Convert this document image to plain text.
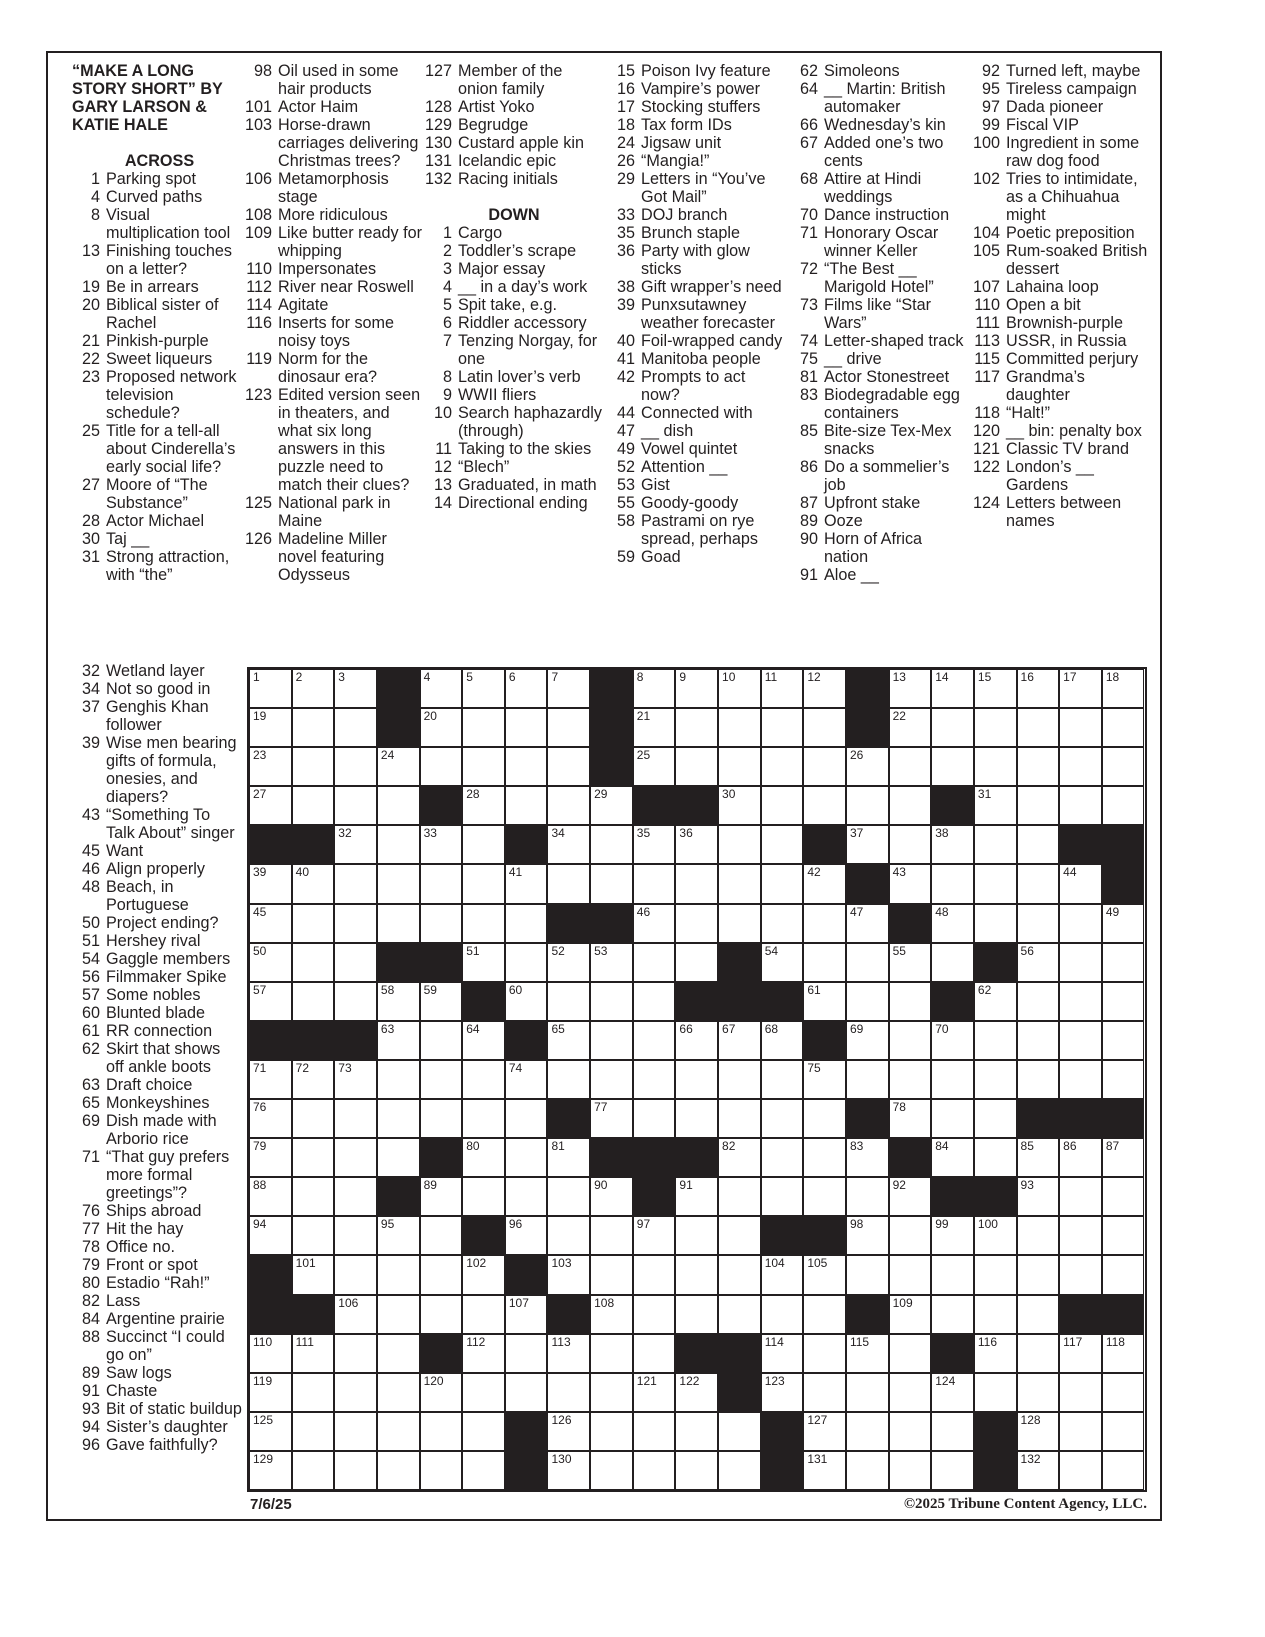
“MAKE A LONG STORY SHORT” BY GARY LARSON & KATIE HALE
ACROSS
1 Parking spot
4 Curved paths
8 Visual multiplication tool
13 Finishing touches on a letter?
19 Be in arrears
20 Biblical sister of Rachel
21 Pinkish-purple
22 Sweet liqueurs
23 Proposed network television schedule?
25 Title for a tell-all about Cinderella’s early social life?
27 Moore of “The Substance”
28 Actor Michael
30 Taj __
31 Strong attraction, with “the”
98 Oil used in some hair products
101 Actor Haim
103 Horse-drawn carriages delivering Christmas trees?
106 Metamorphosis stage
108 More ridiculous
109 Like butter ready for whipping
110 Impersonates
112 River near Roswell
114 Agitate
116 Inserts for some noisy toys
119 Norm for the dinosaur era?
123 Edited version seen in theaters, and what six long answers in this puzzle need to match their clues?
125 National park in Maine
126 Madeline Miller novel featuring Odysseus
127 Member of the onion family
128 Artist Yoko
129 Begrudge
130 Custard apple kin
131 Icelandic epic
132 Racing initials
DOWN
1 Cargo
2 Toddler’s scrape
3 Major essay
4 __ in a day’s work
5 Spit take, e.g.
6 Riddler accessory
7 Tenzing Norgay, for one
8 Latin lover’s verb
9 WWII fliers
10 Search haphazardly (through)
11 Taking to the skies
12 “Blech”
13 Graduated, in math
14 Directional ending
15 Poison Ivy feature
16 Vampire’s power
17 Stocking stuffers
18 Tax form IDs
24 Jigsaw unit
26 “Mangia!”
29 Letters in “You’ve Got Mail”
33 DOJ branch
35 Brunch staple
36 Party with glow sticks
38 Gift wrapper’s need
39 Punxsutawney weather forecaster
40 Foil-wrapped candy
41 Manitoba people
42 Prompts to act now?
44 Connected with
47 __ dish
49 Vowel quintet
52 Attention __
53 Gist
55 Goody-goody
58 Pastrami on rye spread, perhaps
59 Goad
62 Simoleons
64 __ Martin: British automaker
66 Wednesday’s kin
67 Added one’s two cents
68 Attire at Hindi weddings
70 Dance instruction
71 Honorary Oscar winner Keller
72 “The Best __ Marigold Hotel”
73 Films like “Star Wars”
74 Letter-shaped track
75 __ drive
81 Actor Stonestreet
83 Biodegradable egg containers
85 Bite-size Tex-Mex snacks
86 Do a sommelier’s job
87 Upfront stake
89 Ooze
90 Horn of Africa nation
91 Aloe __
92 Turned left, maybe
95 Tireless campaign
97 Dada pioneer
99 Fiscal VIP
100 Ingredient in some raw dog food
102 Tries to intimidate, as a Chihuahua might
104 Poetic preposition
105 Rum-soaked British dessert
107 Lahaina loop
110 Open a bit
111 Brownish-purple
113 USSR, in Russia
115 Committed perjury
117 Grandma’s daughter
118 “Halt!”
120 __ bin: penalty box
121 Classic TV brand
122 London’s __ Gardens
124 Letters between names
32 Wetland layer
34 Not so good in
37 Genghis Khan follower
39 Wise men bearing gifts of formula, onesies, and diapers?
43 “Something To Talk About” singer
45 Want
46 Align properly
48 Beach, in Portuguese
50 Project ending?
51 Hershey rival
54 Gaggle members
56 Filmmaker Spike
57 Some nobles
60 Blunted blade
61 RR connection
62 Skirt that shows off ankle boots
63 Draft choice
65 Monkeyshines
69 Dish made with Arborio rice
71 “That guy prefers more formal greetings”?
76 Ships abroad
77 Hit the hay
78 Office no.
79 Front or spot
80 Estadio “Rah!”
82 Lass
84 Argentine prairie
88 Succinct “I could go on”
89 Saw logs
91 Chaste
93 Bit of static buildup
94 Sister’s daughter
96 Gave faithfully?
1	2	3	4	5	6	7	8	9	10 11	12	13 14 15 16 17 18
19	20	21	22
23	24	25	26
27	28	29	30	31
32	33	34	35 36	37	38
39 40	41	42	43	44
45	46	47	48	49
50	51	52 53	54	55	56
57	58 59	60	61	62
63	64	65	66 67 68	69	70
71 72 73	74	75
76	77	78
79	80	81	82	83	84	85 86 87
88	89	90	91	92	93
94	95	96	97	98	99 100
101	102	103	104 105
106	107	108	109
110 111	112	113	114	115	116	117 118
119	120	121 122	123	124
125	126	127	128
129	130	131	132
7/6/25	©2025 Tribune Content Agency, LLC.
